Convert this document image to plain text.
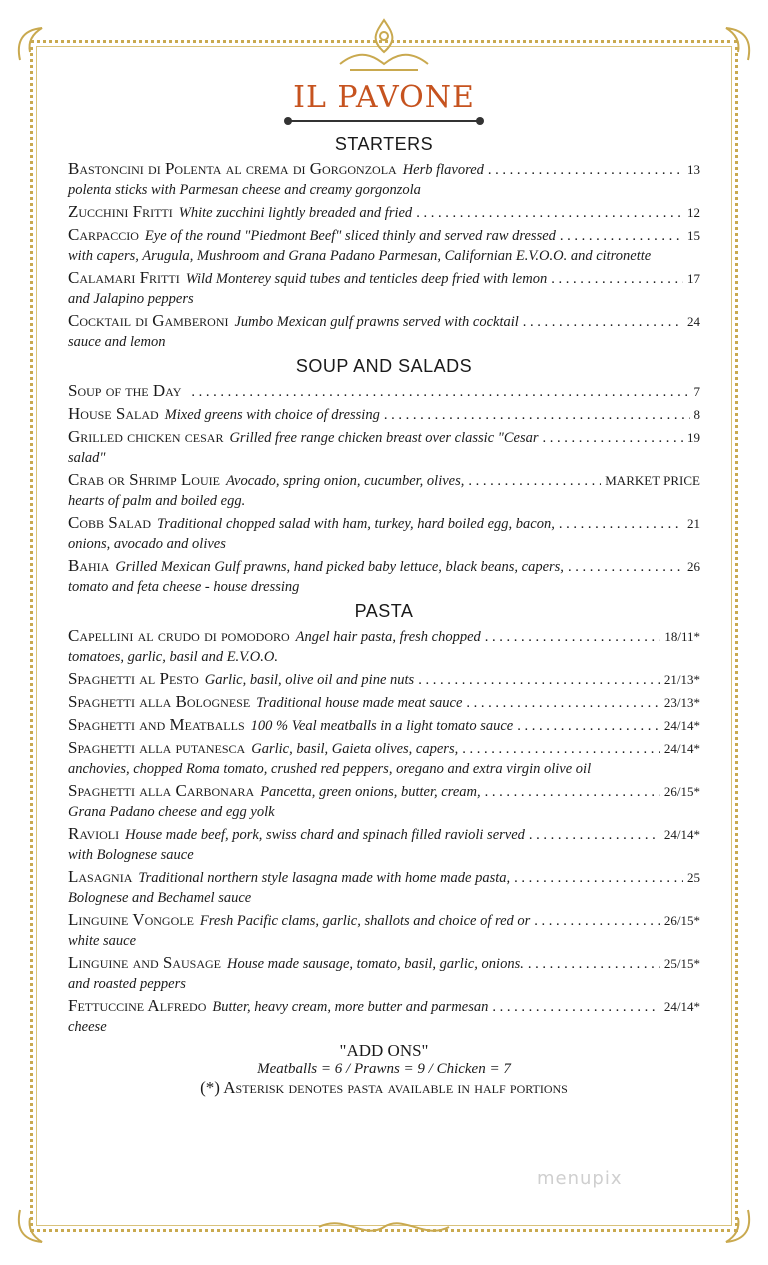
IL PAVONE
STARTERS
Bastoncini di Polenta al crema di Gorgonzola Herb flavored . . .	13
polenta sticks with Parmesan cheese and creamy gorgonzola
Zucchini Fritti White zucchini lightly breaded and fried . . .	12
Carpaccio Eye of the round "Piedmont Beef" sliced thinly and served raw dressed . . .	15
with capers, Arugula, Mushroom and Grana Padano Parmesan, Californian E.V.O.O. and citronette
Calamari Fritti Wild Monterey squid tubes and tenticles deep fried with lemon . . .	17
and Jalapino peppers
Cocktail di Gamberoni Jumbo Mexican gulf prawns served with cocktail . . .	24
sauce and lemon
SOUP AND SALADS
Soup of the Day . . .	7
House Salad Mixed greens with choice of dressing . . .	8
Grilled chicken cesar Grilled free range chicken breast over classic "Cesar . . .	19
salad"
Crab or Shrimp Louie Avocado, spring onion, cucumber, olives, . . .	MARKET PRICE
hearts of palm and boiled egg.
Cobb Salad Traditional chopped salad with ham, turkey, hard boiled egg, bacon, . . .	21
onions, avocado and olives
Bahia Grilled Mexican Gulf prawns, hand picked baby lettuce, black beans, capers, . . .	26
tomato and feta cheese - house dressing
PASTA
Capellini al crudo di pomodoro Angel hair pasta, fresh chopped . . .	18/11*
tomatoes, garlic, basil and E.V.O.O.
Spaghetti al Pesto Garlic, basil, olive oil and pine nuts . . .	21/13*
Spaghetti alla Bolognese Traditional house made meat sauce . . .	23/13*
Spaghetti and Meatballs 100 % Veal meatballs in a light tomato sauce . . .	24/14*
Spaghetti alla putanesca Garlic, basil, Gaieta olives, capers, . . .	24/14*
anchovies, chopped Roma tomato, crushed red peppers, oregano and extra virgin olive oil
Spaghetti alla Carbonara Pancetta, green onions, butter, cream, . . .	26/15*
Grana Padano cheese and egg yolk
Ravioli House made beef, pork, swiss chard and spinach filled ravioli served . . .	24/14*
with Bolognese sauce
Lasagnia Traditional northern style lasagna made with home made pasta, . . .	25
Bolognese and Bechamel sauce
Linguine Vongole Fresh Pacific clams, garlic, shallots and choice of red or . . .	26/15*
white sauce
Linguine and Sausage House made sausage, tomato, basil, garlic, onions. . . .	25/15*
and roasted peppers
Fettuccine Alfredo Butter, heavy cream, more butter and parmesan . . .	24/14*
cheese
"ADD ONS"
Meatballs = 6 / Prawns = 9 / Chicken = 7
(*) Asterisk denotes pasta available in half portions
menupix
